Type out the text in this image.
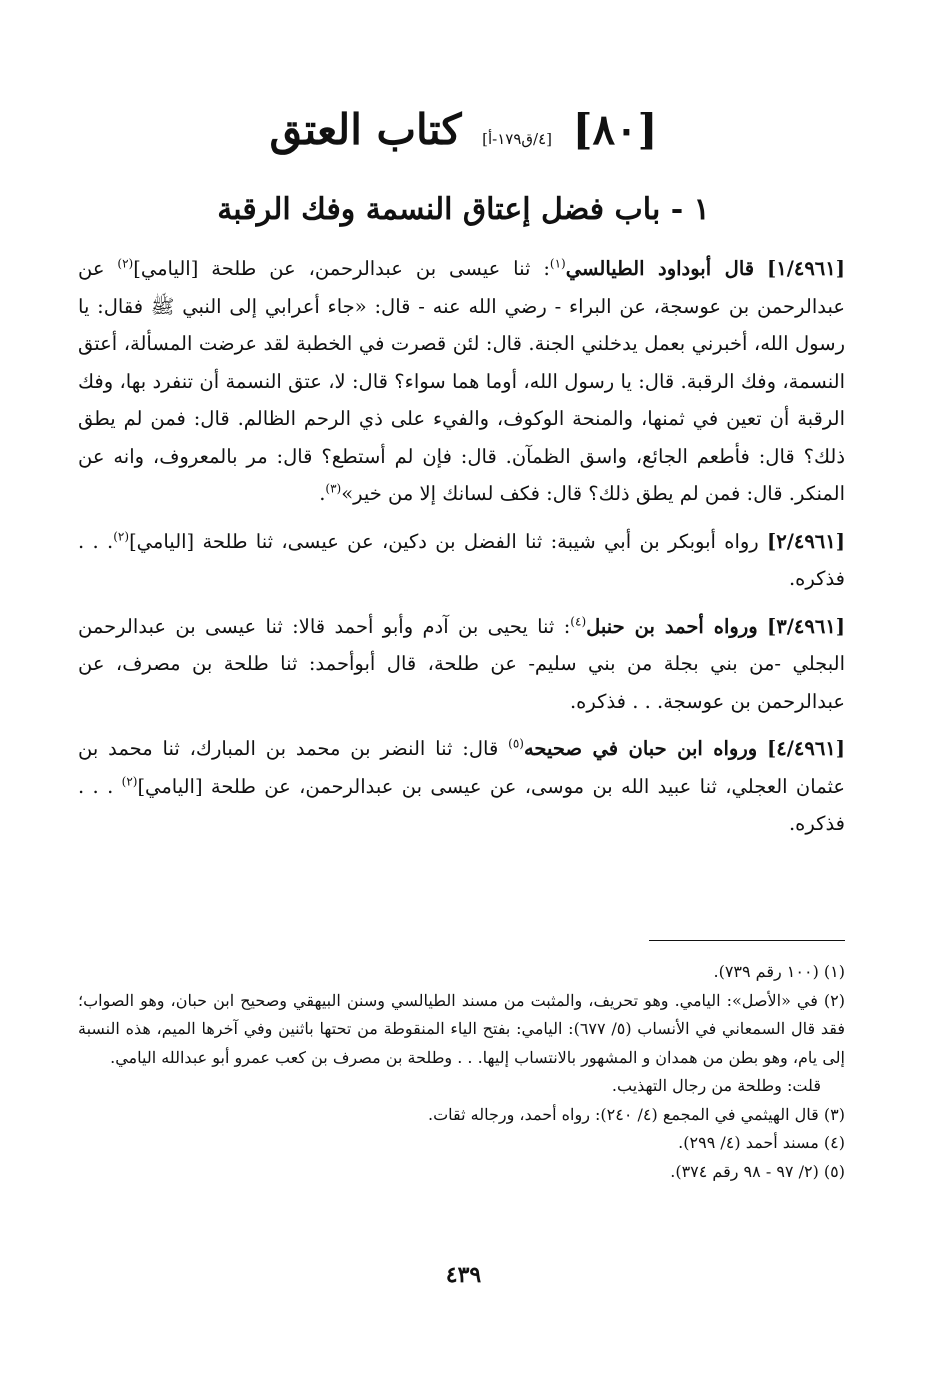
[٨٠] [٤/ق١٧٩-أ] كتاب العتق
١ - باب فضل إعتاق النسمة وفك الرقبة

[١/٤٩٦١] قال أبوداود الطيالسي$^{(١)}$: ثنا عيسى بن عبدالرحمن، عن طلحة [اليامي]$^{(٢)}$ عن عبدالرحمن بن عوسجة، عن البراء - رضي الله عنه - قال: «جاء أعرابي إلى النبي ﷺ فقال: يا رسول الله، أخبرني بعمل يدخلني الجنة. قال: لئن قصرت في الخطبة لقد عرضت المسألة، أعتق النسمة، وفك الرقبة. قال: يا رسول الله، أوما هما سواء؟ قال: لا، عتق النسمة أن تنفرد بها، وفك الرقبة أن تعين في ثمنها، والمنحة الوكوف، والفيء على ذي الرحم الظالم. قال: فمن لم يطق ذلك؟ قال: فأطعم الجائع، واسق الظمآن. قال: فإن لم أستطع؟ قال: مر بالمعروف، وانه عن المنكر. قال: فمن لم يطق ذلك؟ قال: فكف لسانك إلا من خير»$^{(٣)}$.

[٢/٤٩٦١] رواه أبوبكر بن أبي شيبة: ثنا الفضل بن دكين، عن عيسى، ثنا طلحة [اليامي]$^{(٢)}$. . . فذكره.

[٣/٤٩٦١] ورواه أحمد بن حنبل$^{(٤)}$: ثنا يحيى بن آدم وأبو أحمد قالا: ثنا عيسى بن عبدالرحمن البجلي -من بني بجلة من بني سليم- عن طلحة، قال أبوأحمد: ثنا طلحة بن مصرف، عن عبدالرحمن بن عوسجة. . . فذكره.

[٤/٤٩٦١] ورواه ابن حبان في صحيحه$^{(٥)}$ قال: ثنا النضر بن محمد بن المبارك، ثنا محمد بن عثمان العجلي، ثنا عبيد الله بن موسى، عن عيسى بن عبدالرحمن، عن طلحة [اليامي]$^{(٢)}$ . . . فذكره.

(١) (١٠٠ رقم ٧٣٩).

(٢) في «الأصل»: اليامي. وهو تحريف، والمثبت من مسند الطيالسي وسنن البيهقي وصحيح ابن حبان، وهو الصواب؛ فقد قال السمعاني في الأنساب (٥/ ٦٧٧): اليامي: بفتح الياء المنقوطة من تحتها باثنين وفي آخرها الميم، هذه النسبة إلى يام، وهو بطن من همدان و المشهور بالانتساب إليها. . . وطلحة بن مصرف بن كعب عمرو أبو عبدالله اليامي.

قلت: وطلحة من رجال التهذيب.

(٣) قال الهيثمي في المجمع (٤/ ٢٤٠): رواه أحمد، ورجاله ثقات.

(٤) مسند أحمد (٤/ ٢٩٩).

(٥) (٢/ ٩٧ - ٩٨ رقم ٣٧٤).

٤٣٩
